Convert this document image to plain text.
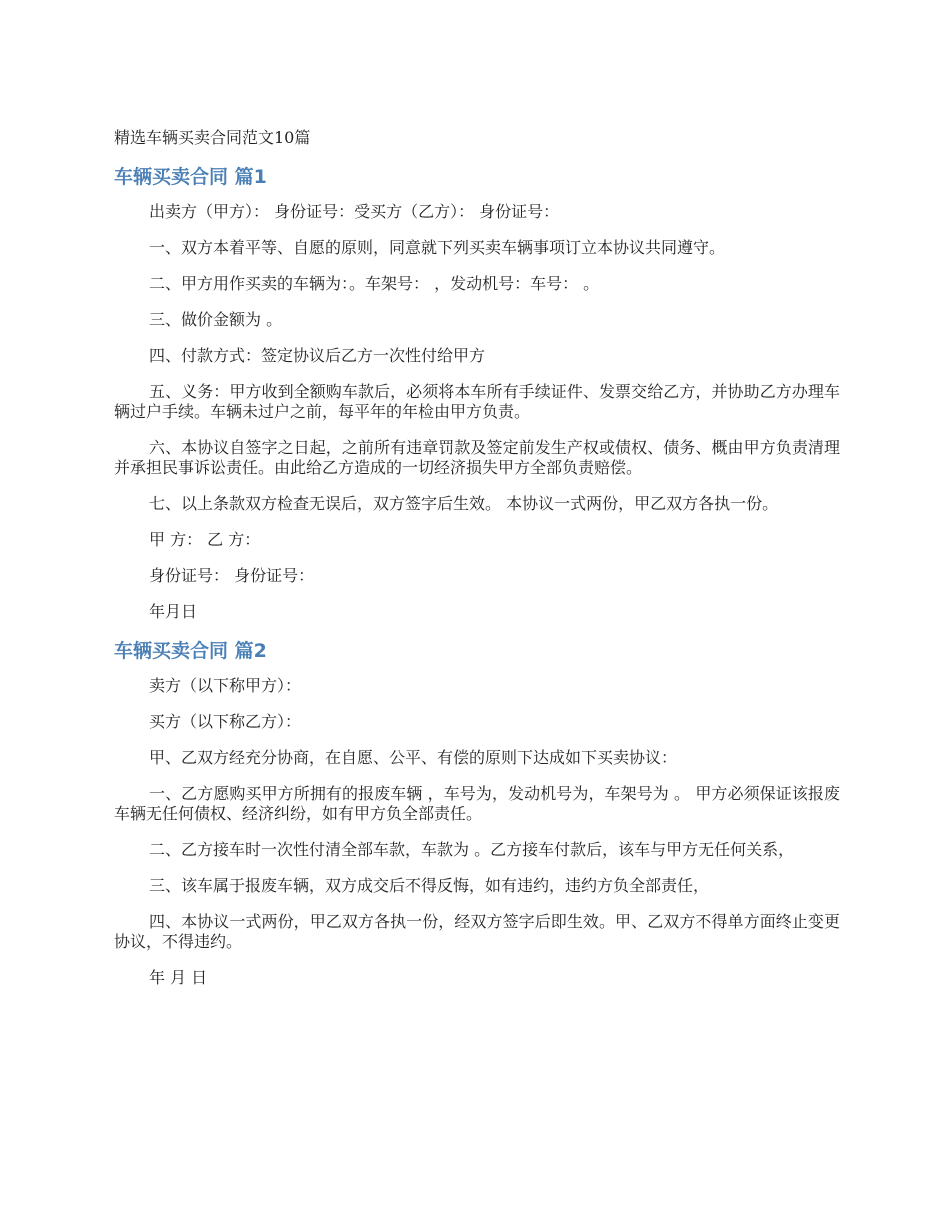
精选车辆买卖合同范文10篇
车辆买卖合同 篇1

出卖方（甲方）： 身份证号：受买方（乙方）： 身份证号：

一、双方本着平等、自愿的原则，同意就下列买卖车辆事项订立本协议共同遵守。

二、甲方用作买卖的车辆为：。车架号： ，发动机号：车号： 。

三、做价金额为 。

四、付款方式：签定协议后乙方一次性付给甲方

五、义务：甲方收到全额购车款后，必须将本车所有手续证件、发票交给乙方，并协助乙方办理车辆过户手续。车辆未过户之前，每平年的年检由甲方负责。

六、本协议自签字之日起，之前所有违章罚款及签定前发生产权或债权、债务、概由甲方负责清理并承担民事诉讼责任。由此给乙方造成的一切经济损失甲方全部负责赔偿。

七、以上条款双方检查无误后，双方签字后生效。 本协议一式两份，甲乙双方各执一份。

甲 方： 乙 方：

身份证号： 身份证号：

年月日

车辆买卖合同 篇2

卖方（以下称甲方）：

买方（以下称乙方）：

甲、乙双方经充分协商，在自愿、公平、有偿的原则下达成如下买卖协议：

一、乙方愿购买甲方所拥有的报废车辆 ，车号为，发动机号为，车架号为 。 甲方必须保证该报废车辆无任何债权、经济纠纷，如有甲方负全部责任。

二、乙方接车时一次性付清全部车款，车款为 。乙方接车付款后，该车与甲方无任何关系，

三、该车属于报废车辆，双方成交后不得反悔，如有违约，违约方负全部责任，

四、本协议一式两份，甲乙双方各执一份，经双方签字后即生效。甲、乙双方不得单方面终止变更协议，不得违约。

年 月 日
